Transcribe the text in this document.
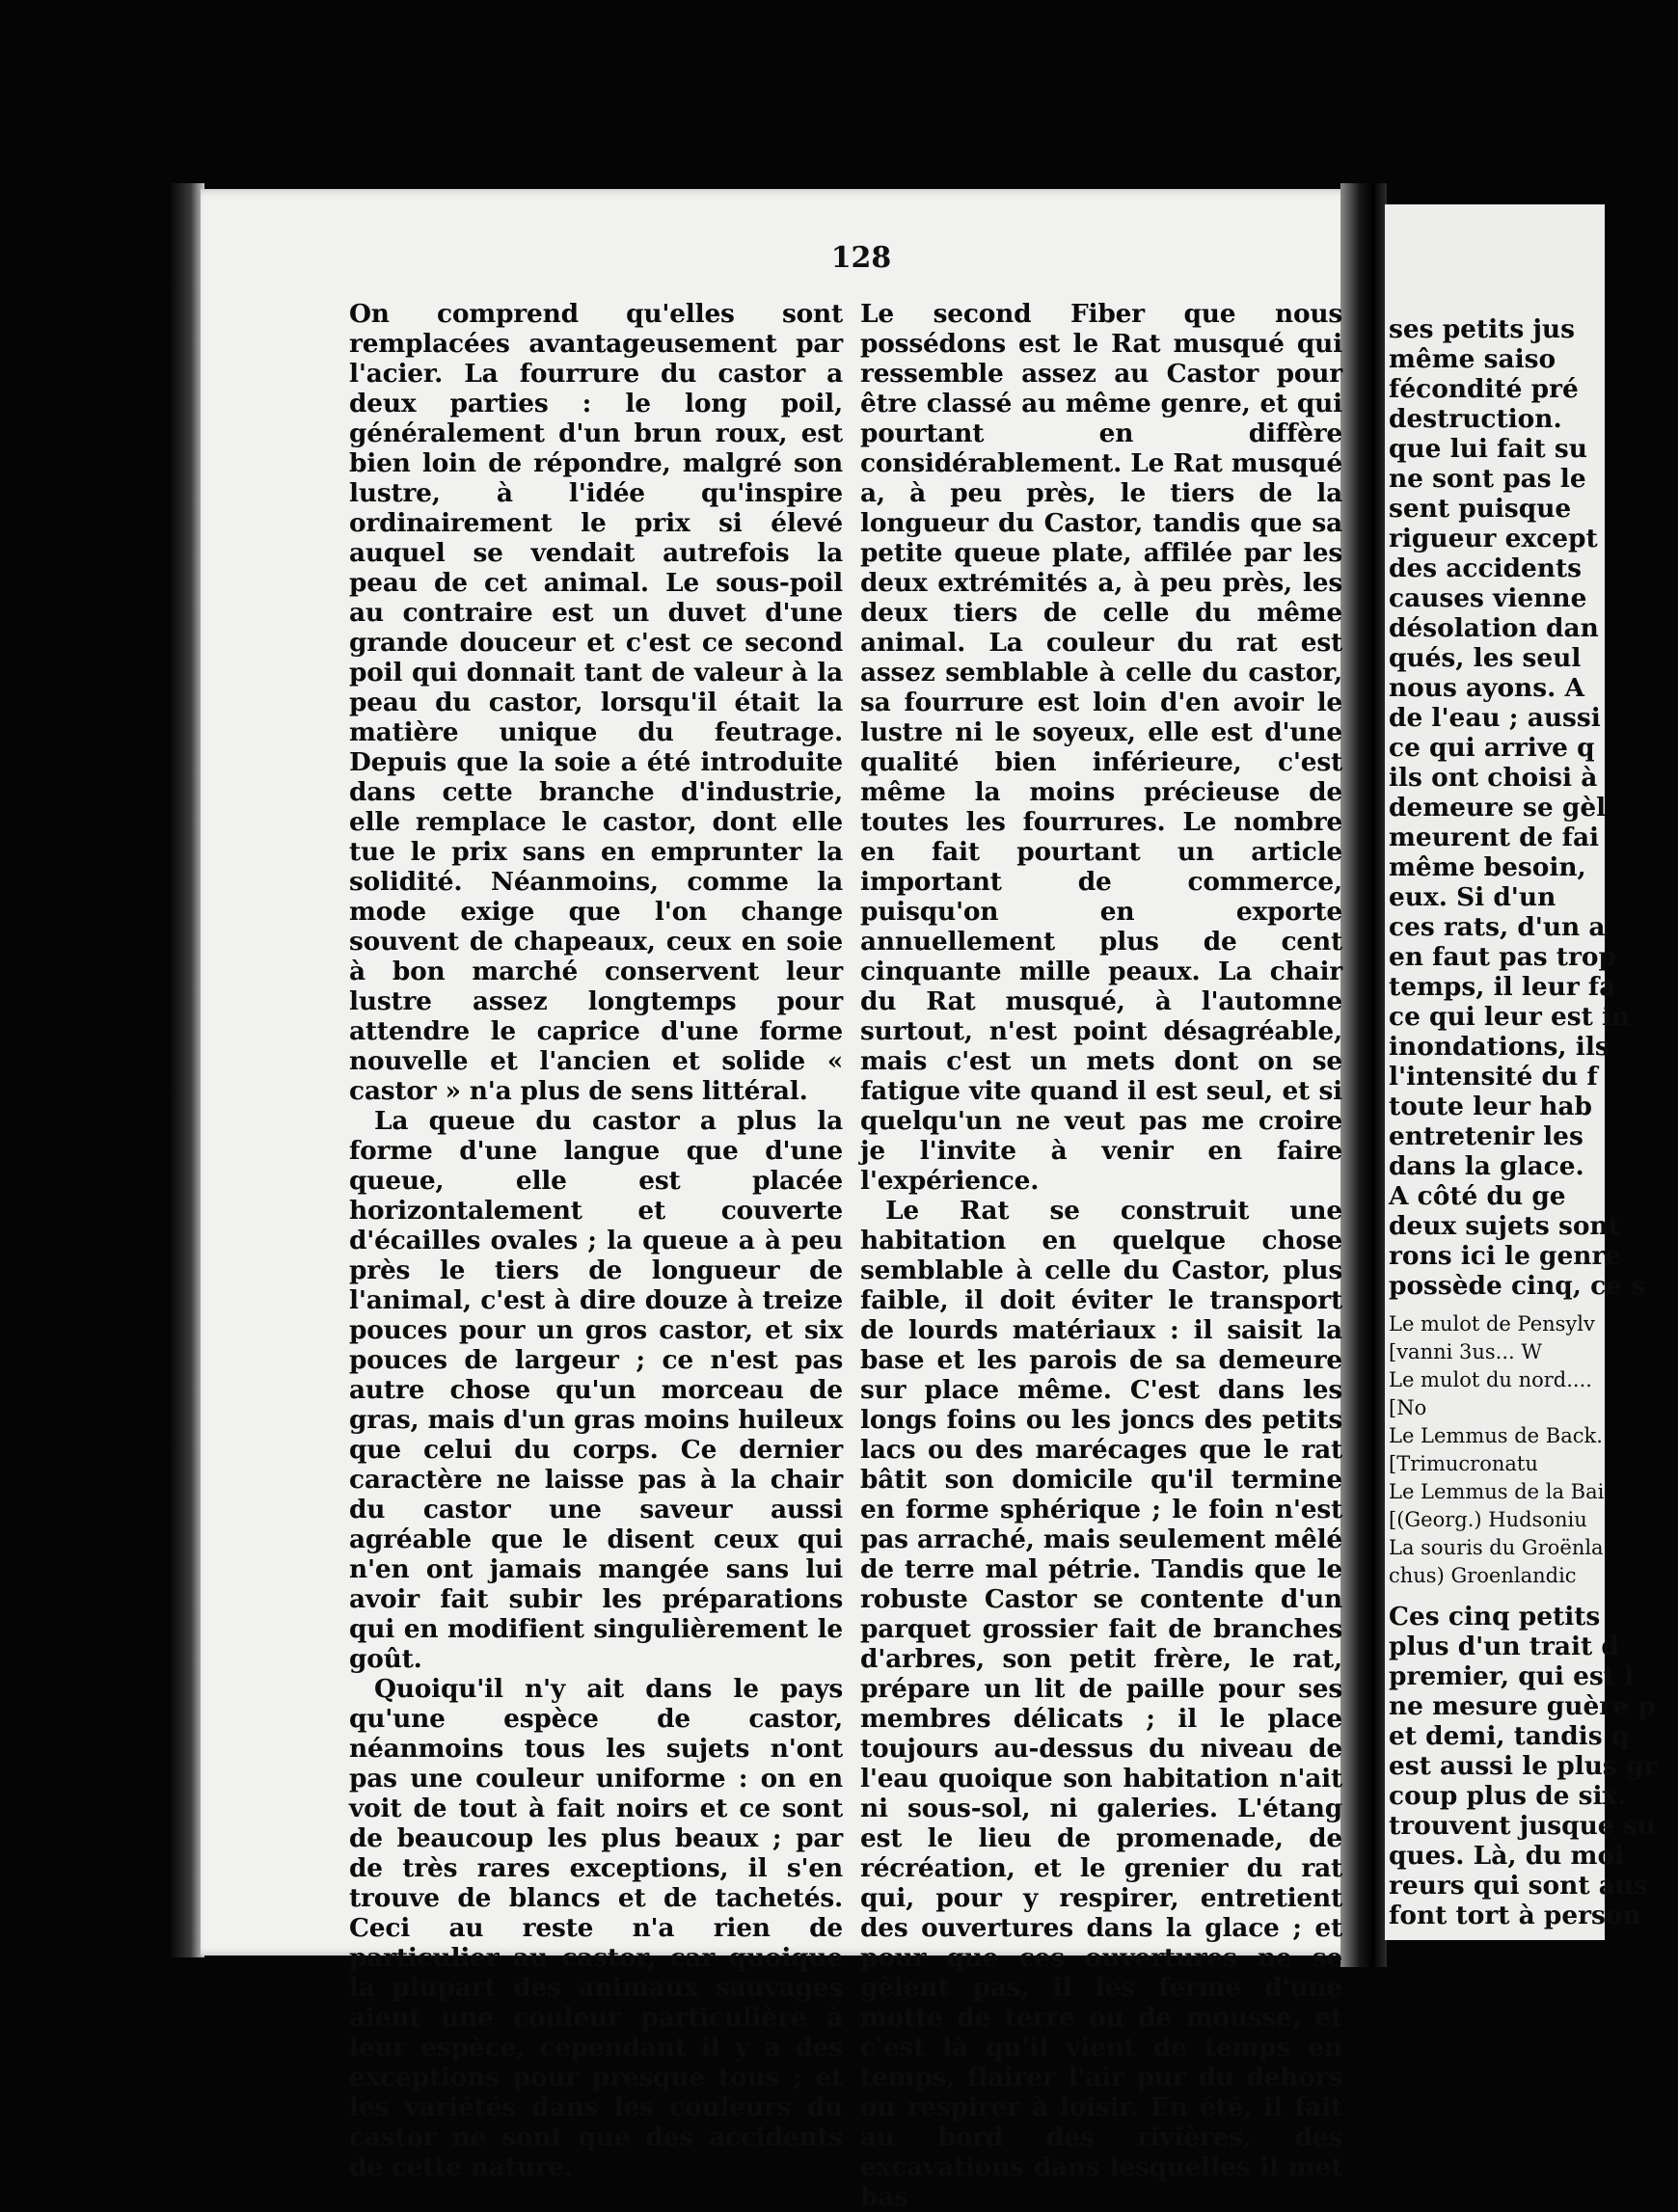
128

On comprend qu'elles sont remplacées avantageusement par l'acier. La fourrure du castor a deux parties : le long poil, généralement d'un brun roux, est bien loin de répondre, malgré son lustre, à l'idée qu'inspire ordinairement le prix si élevé auquel se vendait autrefois la peau de cet animal. Le sous-poil au contraire est un duvet d'une grande douceur et c'est ce second poil qui donnait tant de valeur à la peau du castor, lorsqu'il était la matière unique du feutrage. Depuis que la soie a été introduite dans cette branche d'industrie, elle remplace le castor, dont elle tue le prix sans en emprunter la solidité. Néanmoins, comme la mode exige que l'on change souvent de chapeaux, ceux en soie à bon marché conservent leur lustre assez longtemps pour attendre le caprice d'une forme nouvelle et l'ancien et solide « castor » n'a plus de sens littéral.

La queue du castor a plus la forme d'une langue que d'une queue, elle est placée horizontalement et couverte d'écailles ovales ; la queue a à peu près le tiers de longueur de l'animal, c'est à dire douze à treize pouces pour un gros castor, et six pouces de largeur ; ce n'est pas autre chose qu'un morceau de gras, mais d'un gras moins huileux que celui du corps. Ce dernier caractère ne laisse pas à la chair du castor une saveur aussi agréable que le disent ceux qui n'en ont jamais mangée sans lui avoir fait subir les préparations qui en modifient singulièrement le goût.

Quoiqu'il n'y ait dans le pays qu'une espèce de castor, néanmoins tous les sujets n'ont pas une couleur uniforme : on en voit de tout à fait noirs et ce sont de beaucoup les plus beaux ; par de très rares exceptions, il s'en trouve de blancs et de tachetés. Ceci au reste n'a rien de particulier au castor, car quoique la plupart des animaux sauvages aient une couleur particulière à leur espèce, cependant il y a des exceptions pour presque tous ; et les variétés dans les couleurs du castor ne sont que des accidents de cette nature.

Le second Fiber que nous possédons est le Rat musqué qui ressemble assez au Castor pour être classé au même genre, et qui pourtant en diffère considérablement. Le Rat musqué a, à peu près, le tiers de la longueur du Castor, tandis que sa petite queue plate, affilée par les deux extrémités a, à peu près, les deux tiers de celle du même animal. La couleur du rat est assez semblable à celle du castor, sa fourrure est loin d'en avoir le lustre ni le soyeux, elle est d'une qualité bien inférieure, c'est même la moins précieuse de toutes les fourrures. Le nombre en fait pourtant un article important de commerce, puisqu'on en exporte annuellement plus de cent cinquante mille peaux. La chair du Rat musqué, à l'automne surtout, n'est point désagréable, mais c'est un mets dont on se fatigue vite quand il est seul, et si quelqu'un ne veut pas me croire je l'invite à venir en faire l'expérience.

Le Rat se construit une habitation en quelque chose semblable à celle du Castor, plus faible, il doit éviter le transport de lourds matériaux : il saisit la base et les parois de sa demeure sur place même. C'est dans les longs foins ou les joncs des petits lacs ou des marécages que le rat bâtit son domicile qu'il termine en forme sphérique ; le foin n'est pas arraché, mais seulement mêlé de terre mal pétrie. Tandis que le robuste Castor se contente d'un parquet grossier fait de branches d'arbres, son petit frère, le rat, prépare un lit de paille pour ses membres délicats ; il le place toujours au-dessus du niveau de l'eau quoique son habitation n'ait ni sous-sol, ni galeries. L'étang est le lieu de promenade, de récréation, et le grenier du rat qui, pour y respirer, entretient des ouvertures dans la glace ; et pour que ces ouvertures ne se gèlent pas, il les ferme d'une motte de terre ou de mousse, et c'est là qu'il vient de temps en temps, flairer l'air pur du dehors ou respirer à loisir. En été, il fait au bord des rivières, des excavations dans lesquelles il met bas

ses petits jus
même saiso
fécondité pré
destruction.
que lui fait su
ne sont pas le
sent puisque
rigueur except
des accidents
causes vienne
désolation dan
qués, les seul
nous ayons. A
de l'eau ; aussi
ce qui arrive q
ils ont choisi à
demeure se gèl
meurent de fai
même besoin,
eux. Si d'un
ces rats, d'un a
en faut pas trop
temps, il leur fa
ce qui leur est in
inondations, ils
l'intensité du f
toute leur hab
entretenir les
dans la glace.
A côté du ge
deux sujets sont
rons ici le genre
possède cinq, ce s
Le mulot de Pensylv
[vanni 3us... W
Le mulot du nord....
[No
Le Lemmus de Back.
[Trimucronatu
Le Lemmus de la Bai
[(Georg.) Hudsoniu
La souris du Groënla
chus) Groenlandic
Ces cinq petits
plus d'un trait d
premier, qui est l
ne mesure guère p
et demi, tandis q
est aussi le plus gr
coup plus de six.
trouvent jusque su
ques. Là, du moi
reurs qui sont aus
font tort à person
